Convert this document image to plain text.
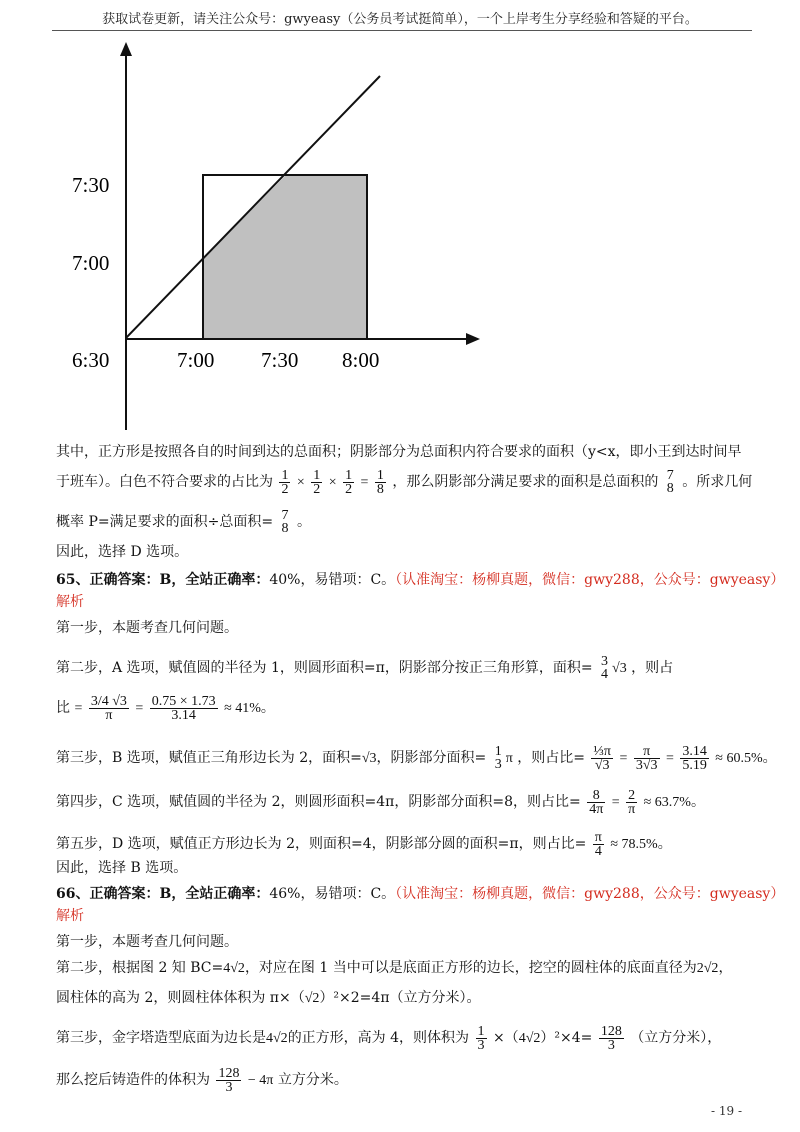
获取试卷更新，请关注公众号：gwyeasy（公务员考试挺简单），一个上岸考生分享经验和答疑的平台。
7:30
7:00
6:30	7:00 7:30 8:00
其中，正方形是按照各自的时间到达的总面积；阴影部分为总面积内符合要求的面积（y<x，即小王到达时间早
于班车）。白色不符合要求的占比为 $\frac{1}{2} \times \frac{1}{2} \times \frac{1}{2} = \frac{1}{8}$ ，那么阴影部分满足要求的面积是总面积的 7
8 。所求几何
概率 P=满足要求的面积÷总面积= 7
8 。
因此，选择 D 选项。
65、正确答案：B，全站正确率：40%，易错项：C。（认准淘宝：杨柳真题，微信：gwy288，公众号：gwyeasy）
解析
第一步，本题考查几何问题。
第二步，A 选项，赋值圆的半径为 1，则圆形面积=π，阴影部分按正三角形算，面积= 3
4 √3 ，则占
比 = $\frac{3/4 √3}{\pi} = \frac{0.75 \times 1.73}{3.14} \approx 41\%$。
第三步，B 选项，赋值正三角形边长为 2，面积=√3，阴影部分面积= 1
3 π ，则占比= $\frac{\text{⅓π}}{√3} = \frac{\pi}{3√3} = \frac{3.14}{5.19} \approx 60.5\%$。
第四步，C 选项，赋值圆的半径为 2，则圆形面积=4π，阴影部分面积=8，则占比= $\frac{8}{4\pi} = \frac{2}{\pi} \approx 63.7\%$。
第五步，D 选项，赋值正方形边长为 2，则面积=4，阴影部分圆的面积=π，则占比= $\frac{\pi}{4} \approx 78.5\%$。
因此，选择 B 选项。
66、正确答案：B，全站正确率：46%，易错项：C。（认准淘宝：杨柳真题，微信：gwy288，公众号：gwyeasy）
解析
第一步，本题考查几何问题。
第二步，根据图 2 知 BC=4√2，对应在图 1 当中可以是底面正方形的边长，挖空的圆柱体的底面直径为2√2，
圆柱体的高为 2，则圆柱体体积为 π×（√2）²×2=4π（立方分米）。
第三步，金字塔造型底面为边长是4√2的正方形，高为 4，则体积为 $\frac{1}{3} \times(4√2)^2\times 4= \frac{128}{3}$ （立方分米），
那么挖后铸造件的体积为 $\frac{128}{3} - 4\pi$ 立方分米。
- 19 -
